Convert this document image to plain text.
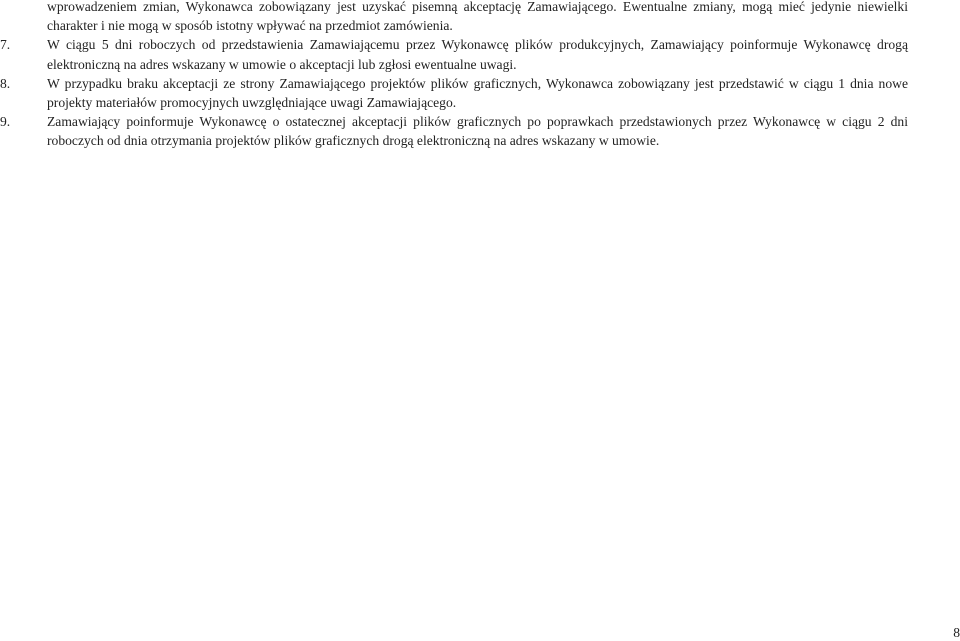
wprowadzeniem zmian, Wykonawca zobowiązany jest uzyskać pisemną akceptację Zamawiającego. Ewentualne zmiany, mogą mieć jedynie niewielki charakter i nie mogą w sposób istotny wpływać na przedmiot zamówienia.
7.	W ciągu 5 dni roboczych od przedstawienia Zamawiającemu przez Wykonawcę plików produkcyjnych, Zamawiający poinformuje Wykonawcę drogą elektroniczną na adres wskazany w umowie o akceptacji lub zgłosi ewentualne uwagi.
8.	W przypadku braku akceptacji ze strony Zamawiającego projektów plików graficznych, Wykonawca zobowiązany jest przedstawić w ciągu 1 dnia nowe projekty materiałów promocyjnych uwzględniające uwagi Zamawiającego.
9.	Zamawiający poinformuje Wykonawcę o ostatecznej akceptacji plików graficznych po poprawkach przedstawionych przez Wykonawcę w ciągu 2 dni roboczych od dnia otrzymania projektów plików graficznych drogą elektroniczną na adres wskazany w umowie.
8
